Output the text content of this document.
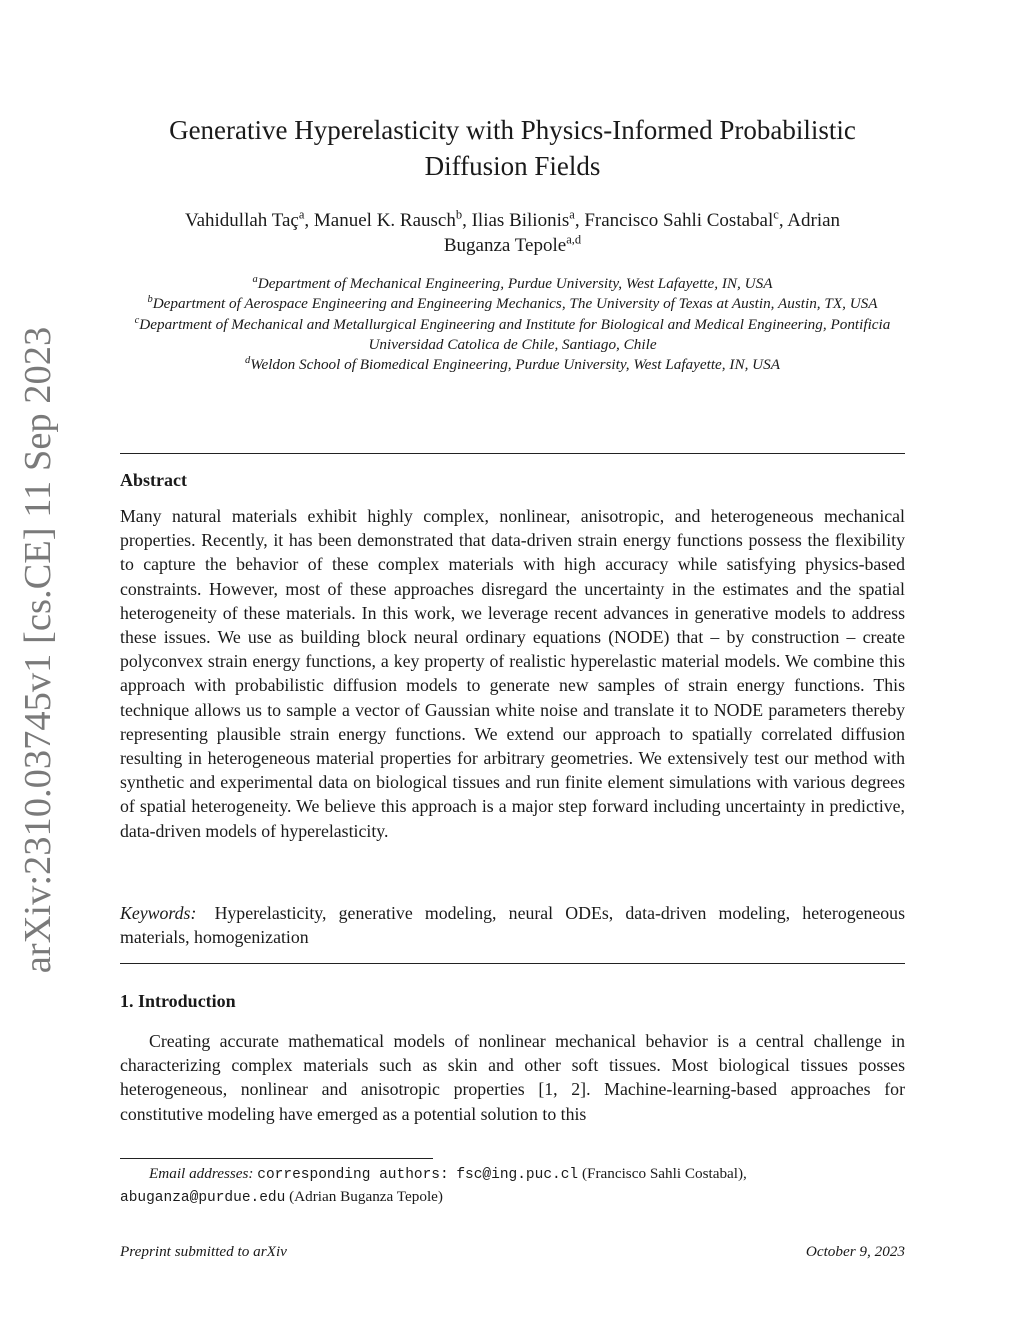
arXiv:2310.03745v1 [cs.CE] 11 Sep 2023
Generative Hyperelasticity with Physics-Informed Probabilistic
Diffusion Fields
Vahidullah Taç$^a$, Manuel K. Rausch$^b$, Ilias Bilionis$^a$, Francisco Sahli Costabal$^c$, Adrian
Buganza Tepole$^{a,d}$
$^a$Department of Mechanical Engineering, Purdue University, West Lafayette, IN, USA
$^b$Department of Aerospace Engineering and Engineering Mechanics, The University of Texas at Austin, Austin, TX, USA
$^c$Department of Mechanical and Metallurgical Engineering and Institute for Biological and Medical Engineering, Pontificia Universidad Catolica de Chile, Santiago, Chile
$^d$Weldon School of Biomedical Engineering, Purdue University, West Lafayette, IN, USA
Abstract

Many natural materials exhibit highly complex, nonlinear, anisotropic, and heterogeneous mechanical properties. Recently, it has been demonstrated that data-driven strain energy functions possess the flexibility to capture the behavior of these complex materials with high accuracy while satisfying physics-based constraints. However, most of these approaches disregard the uncertainty in the estimates and the spatial heterogeneity of these materials. In this work, we leverage recent advances in generative models to address these issues. We use as building block neural ordinary equations (NODE) that – by construction – create polyconvex strain energy functions, a key property of realistic hyperelastic material models. We combine this approach with probabilistic diffusion models to generate new samples of strain energy functions. This technique allows us to sample a vector of Gaussian white noise and translate it to NODE parameters thereby representing plausible strain energy functions. We extend our approach to spatially correlated diffusion resulting in heterogeneous material properties for arbitrary geometries. We extensively test our method with synthetic and experimental data on biological tissues and run finite element simulations with various degrees of spatial heterogeneity. We believe this approach is a major step forward including uncertainty in predictive, data-driven models of hyperelasticity.

Keywords: Hyperelasticity, generative modeling, neural ODEs, data-driven modeling, heterogeneous materials, homogenization

1. Introduction

Creating accurate mathematical models of nonlinear mechanical behavior is a central challenge in characterizing complex materials such as skin and other soft tissues. Most biological tissues posses heterogeneous, nonlinear and anisotropic properties [1, 2]. Machine-learning-based approaches for constitutive modeling have emerged as a potential solution to this

Email addresses: corresponding authors: fsc@ing.puc.cl (Francisco Sahli Costabal),
abuganza@purdue.edu (Adrian Buganza Tepole)

Preprint submitted to arXiv	October 9, 2023
